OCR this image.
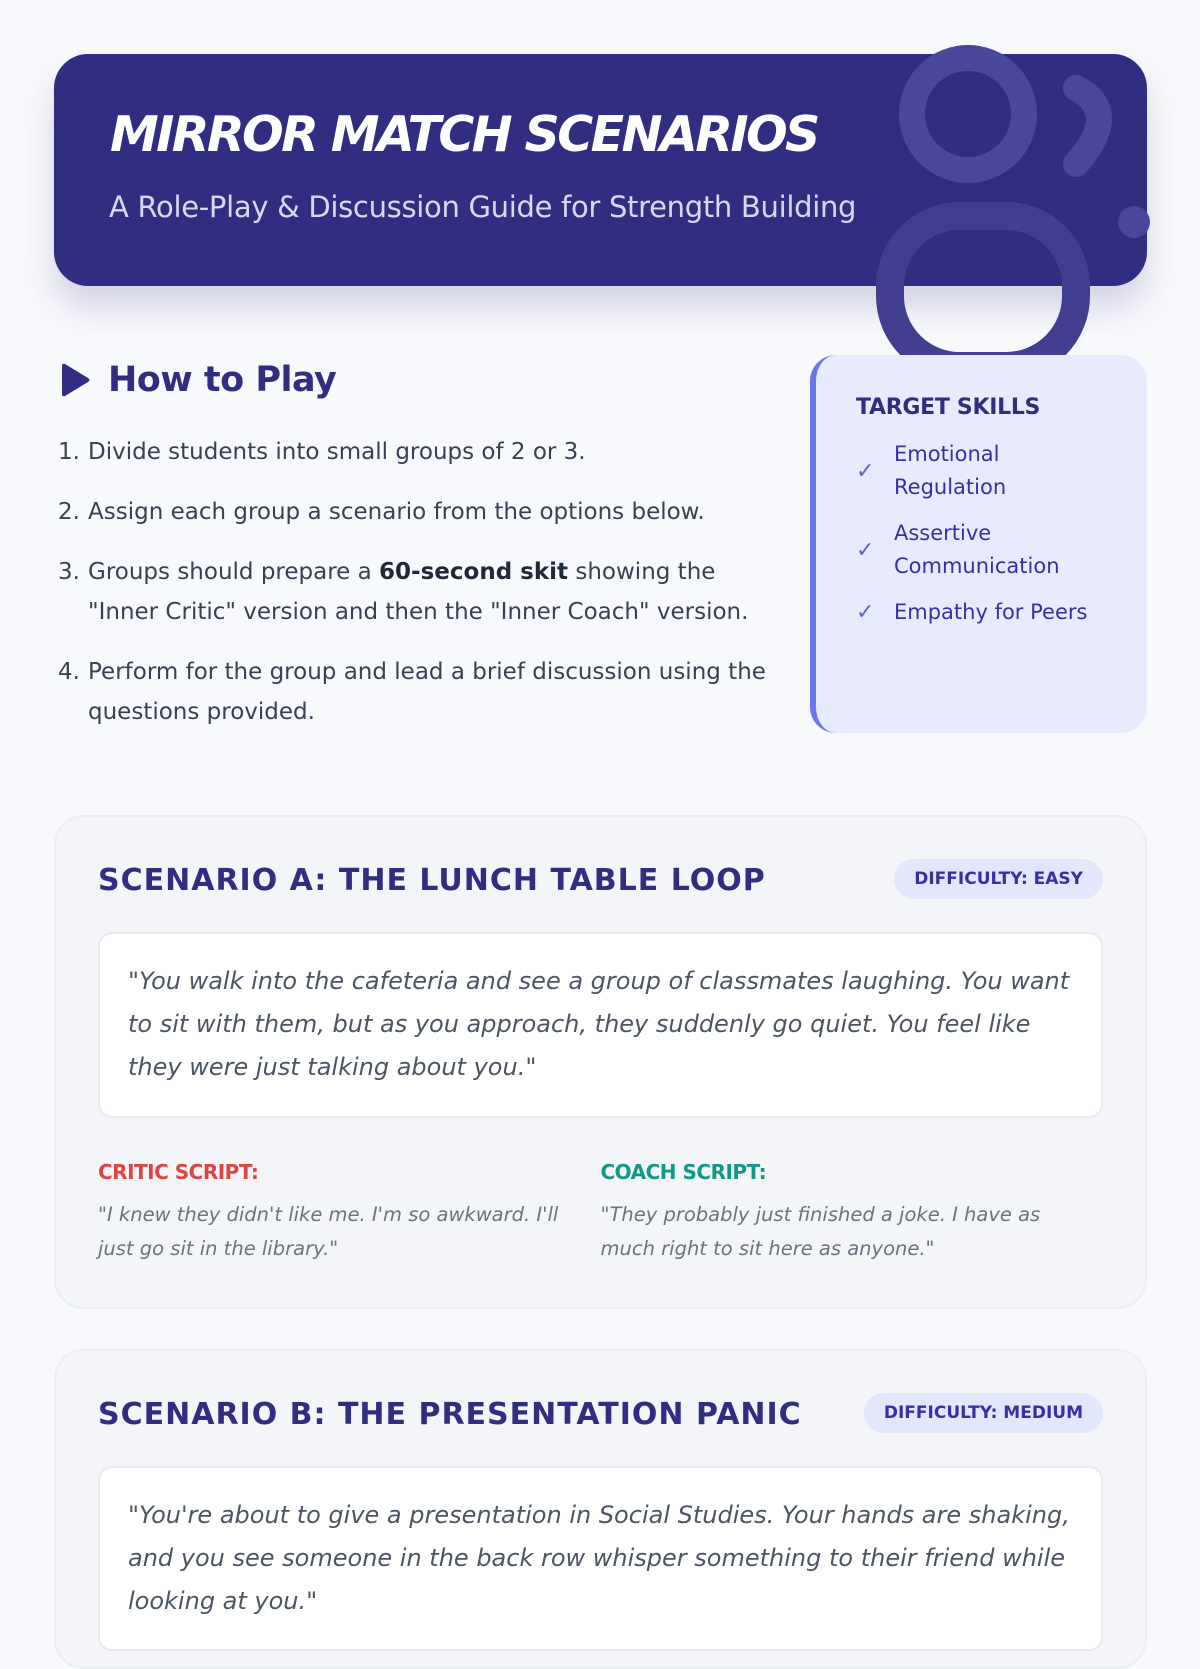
MIRROR MATCH SCENARIOS
A Role-Play & Discussion Guide for Strength Building
How to Play
1. Divide students into small groups of 2 or 3.
2. Assign each group a scenario from the options below.
3. Groups should prepare a 60-second skit showing the "Inner Critic" version and then the "Inner Coach" version.
4. Perform for the group and lead a brief discussion using the questions provided.
TARGET SKILLS
✓
Emotional Regulation
✓
Assertive Communication
✓ Empathy for Peers
SCENARIO A: THE LUNCH TABLE LOOP	DIFFICULTY: EASY
"You walk into the cafeteria and see a group of classmates laughing. You want to sit with them, but as you approach, they suddenly go quiet. You feel like they were just talking about you."
CRITIC SCRIPT:
"I knew they didn't like me. I'm so awkward. I'll just go sit in the library."
COACH SCRIPT:
"They probably just finished a joke. I have as much right to sit here as anyone."
SCENARIO B: THE PRESENTATION PANIC	DIFFICULTY: MEDIUM
"You're about to give a presentation in Social Studies. Your hands are shaking, and you see someone in the back row whisper something to their friend while looking at you."
